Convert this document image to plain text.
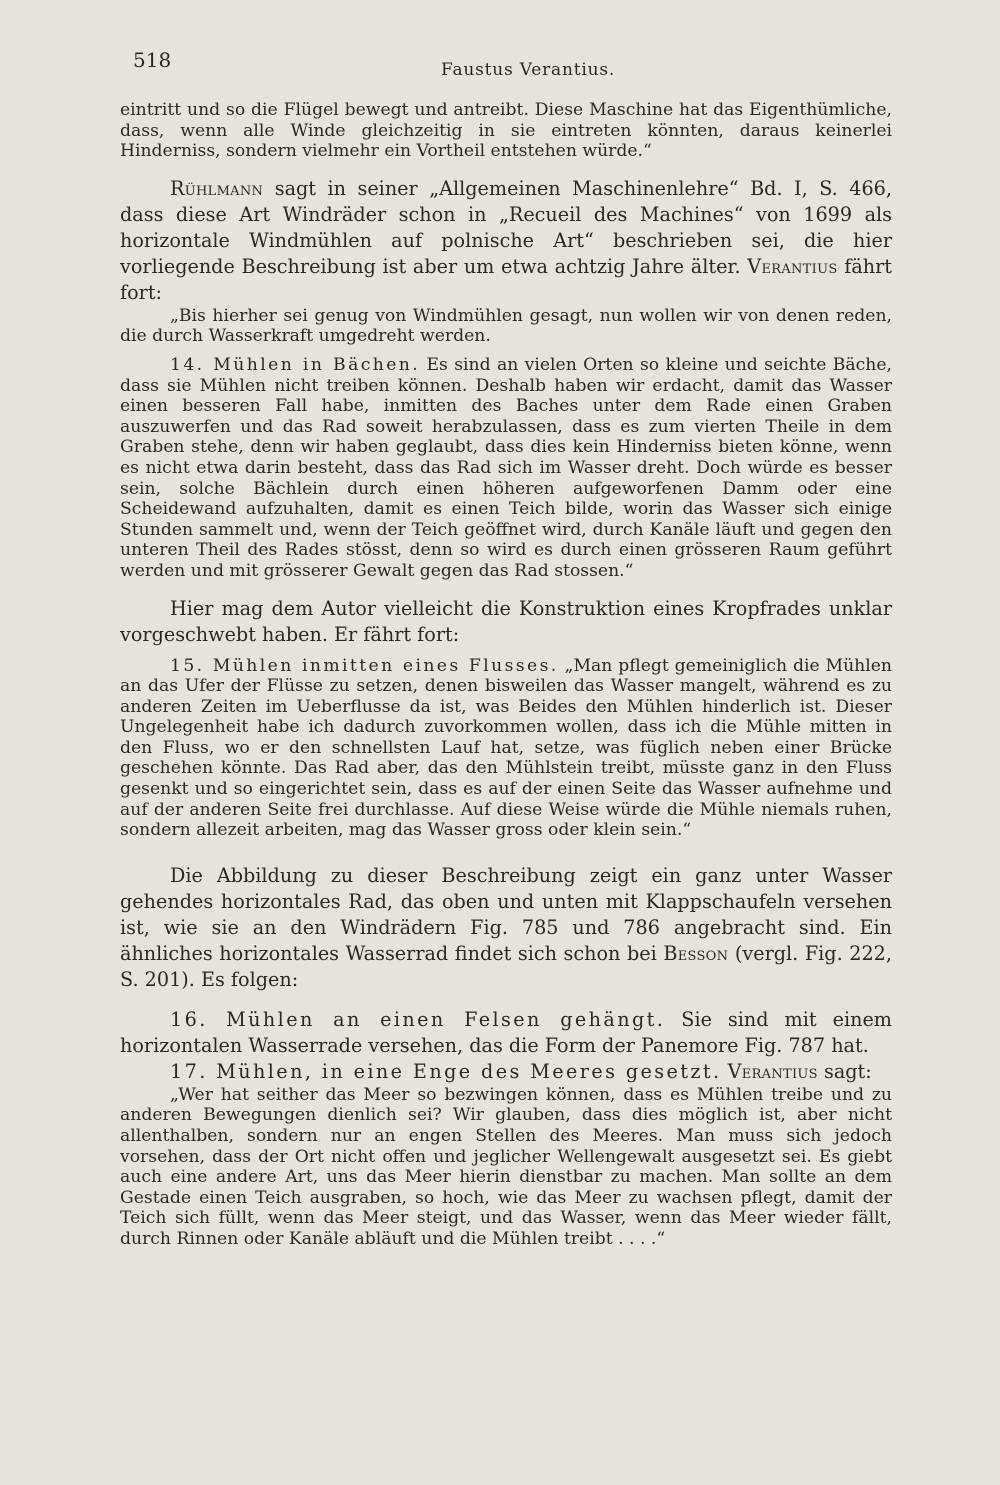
518	Faustus Verantius.

eintritt und so die Flügel bewegt und antreibt. Diese Maschine hat das Eigenthümliche, dass, wenn alle Winde gleichzeitig in sie eintreten könnten, daraus keinerlei Hinderniss, sondern vielmehr ein Vortheil entstehen würde.“

Rühlmann sagt in seiner „Allgemeinen Maschinenlehre“ Bd. I, S. 466, dass diese Art Windräder schon in „Recueil des Machines“ von 1699 als horizontale Windmühlen auf polnische Art“ beschrieben sei, die hier vorliegende Beschreibung ist aber um etwa achtzig Jahre älter. Verantius fährt fort:

„Bis hierher sei genug von Windmühlen gesagt, nun wollen wir von denen reden, die durch Wasserkraft umgedreht werden.

14. Mühlen in Bächen. Es sind an vielen Orten so kleine und seichte Bäche, dass sie Mühlen nicht treiben können. Deshalb haben wir erdacht, damit das Wasser einen besseren Fall habe, inmitten des Baches unter dem Rade einen Graben auszuwerfen und das Rad soweit herabzulassen, dass es zum vierten Theile in dem Graben stehe, denn wir haben geglaubt, dass dies kein Hinderniss bieten könne, wenn es nicht etwa darin besteht, dass das Rad sich im Wasser dreht. Doch würde es besser sein, solche Bächlein durch einen höheren aufgeworfenen Damm oder eine Scheidewand aufzuhalten, damit es einen Teich bilde, worin das Wasser sich einige Stunden sammelt und, wenn der Teich geöffnet wird, durch Kanäle läuft und gegen den unteren Theil des Rades stösst, denn so wird es durch einen grösseren Raum geführt werden und mit grösserer Gewalt gegen das Rad stossen.“

Hier mag dem Autor vielleicht die Konstruktion eines Kropfrades unklar vorgeschwebt haben. Er fährt fort:

15. Mühlen inmitten eines Flusses. „Man pflegt gemeiniglich die Mühlen an das Ufer der Flüsse zu setzen, denen bisweilen das Wasser mangelt, während es zu anderen Zeiten im Ueberflusse da ist, was Beides den Mühlen hinderlich ist. Dieser Ungelegenheit habe ich dadurch zuvorkommen wollen, dass ich die Mühle mitten in den Fluss, wo er den schnellsten Lauf hat, setze, was füglich neben einer Brücke geschehen könnte. Das Rad aber, das den Mühlstein treibt, müsste ganz in den Fluss gesenkt und so eingerichtet sein, dass es auf der einen Seite das Wasser aufnehme und auf der anderen Seite frei durchlasse. Auf diese Weise würde die Mühle niemals ruhen, sondern allezeit arbeiten, mag das Wasser gross oder klein sein.“

Die Abbildung zu dieser Beschreibung zeigt ein ganz unter Wasser gehendes horizontales Rad, das oben und unten mit Klappschaufeln versehen ist, wie sie an den Windrädern Fig. 785 und 786 angebracht sind. Ein ähnliches horizontales Wasserrad findet sich schon bei Besson (vergl. Fig. 222, S. 201). Es folgen:

16. Mühlen an einen Felsen gehängt. Sie sind mit einem horizontalen Wasserrade versehen, das die Form der Panemore Fig. 787 hat.

17. Mühlen, in eine Enge des Meeres gesetzt. Verantius sagt:

„Wer hat seither das Meer so bezwingen können, dass es Mühlen treibe und zu anderen Bewegungen dienlich sei? Wir glauben, dass dies möglich ist, aber nicht allenthalben, sondern nur an engen Stellen des Meeres. Man muss sich jedoch vorsehen, dass der Ort nicht offen und jeglicher Wellengewalt ausgesetzt sei. Es giebt auch eine andere Art, uns das Meer hierin dienstbar zu machen. Man sollte an dem Gestade einen Teich ausgraben, so hoch, wie das Meer zu wachsen pflegt, damit der Teich sich füllt, wenn das Meer steigt, und das Wasser, wenn das Meer wieder fällt, durch Rinnen oder Kanäle abläuft und die Mühlen treibt . . . .“
